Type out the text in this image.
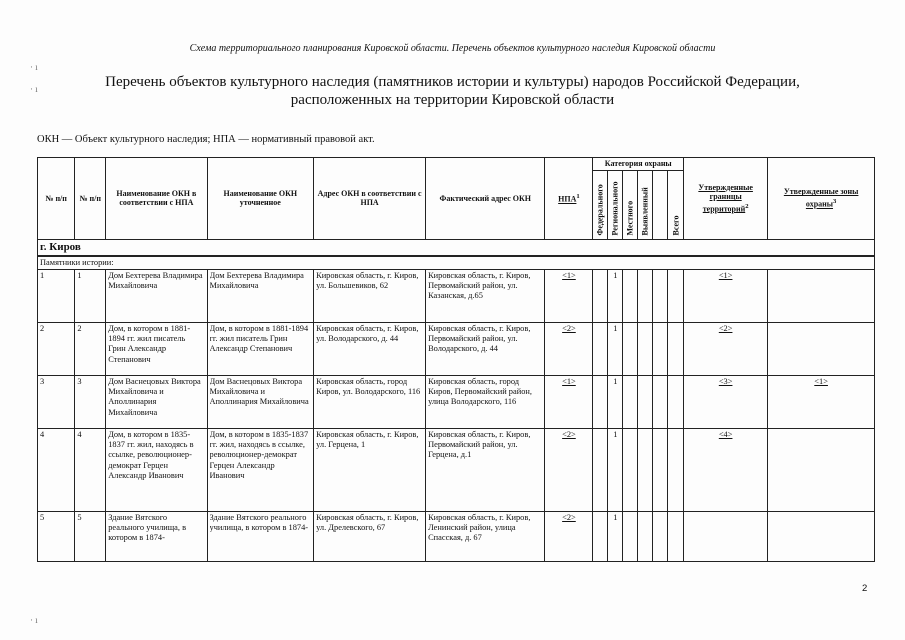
Схема территориального планирования Кировской области. Перечень объектов культурного наследия Кировской области
Перечень объектов культурного наследия (памятников истории и культуры) народов Российской Федерации,
расположенных на территории Кировской области
· ı
· ı
· ı
ОКН — Объект культурного наследия; НПА — нормативный правовой акт.
№ п/п	№ п/п	Наименование ОКН в соответствии с НПА	Наименование ОКН уточненное	Адрес ОКН в соответствии с НПА	Фактический адрес ОКН	НПА$^1$	Категория охраны						Утвержденные границы территорий$^2$	Утвержденные зоны охраны$^3$

							Федерального	Регионального	Местного	Выявленный		Всего		

г. Киров														
Памятники истории:														
1	1	Дом Бехтерева Владимира Михайловича	Дом Бехтерева Владимира Михайловича	Кировская область, г. Киров, ул. Большевиков, 62	Кировская область, г. Киров, Первомайский район, ул. Казанская, д.65	<1>		1					<1>	
2	2	Дом, в котором в 1881-1894 гг. жил писатель Грин Александр Степанович	Дом, в котором в 1881-1894 гг. жил писатель Грин Александр Степанович	Кировская область, г. Киров, ул. Володарского, д. 44	Кировская область, г. Киров, Первомайский район, ул. Володарского, д. 44	<2>		1					<2>	
3	3	Дом Васнецовых Виктора Михайловича и Аполлинария Михайловича	Дом Васнецовых Виктора Михайловича и Аполлинария Михайловича	Кировская область, город Киров, ул. Володарского, 116	Кировская область, город Киров, Первомайский район, улица Володарского, 116	<1>		1					<3>	<1>
4	4	Дом, в котором в 1835-1837 гг. жил, находясь в ссылке, революционер-демократ Герцен Александр Иванович	Дом, в котором в 1835-1837 гг. жил, находясь в ссылке, революционер-демократ Герцен Александр Иванович	Кировская область, г. Киров, ул. Герцена, 1	Кировская область, г. Киров, Первомайский район, ул. Герцена, д.1	<2>		1					<4>	
5	5	Здание Вятского реального училища, в котором в 1874-	Здание Вятского реального училища, в котором в 1874-	Кировская область, г. Киров, ул. Дрелевского, 67	Кировская область, г. Киров, Ленинский район, улица Спасская, д. 67	<2>		1						
2
